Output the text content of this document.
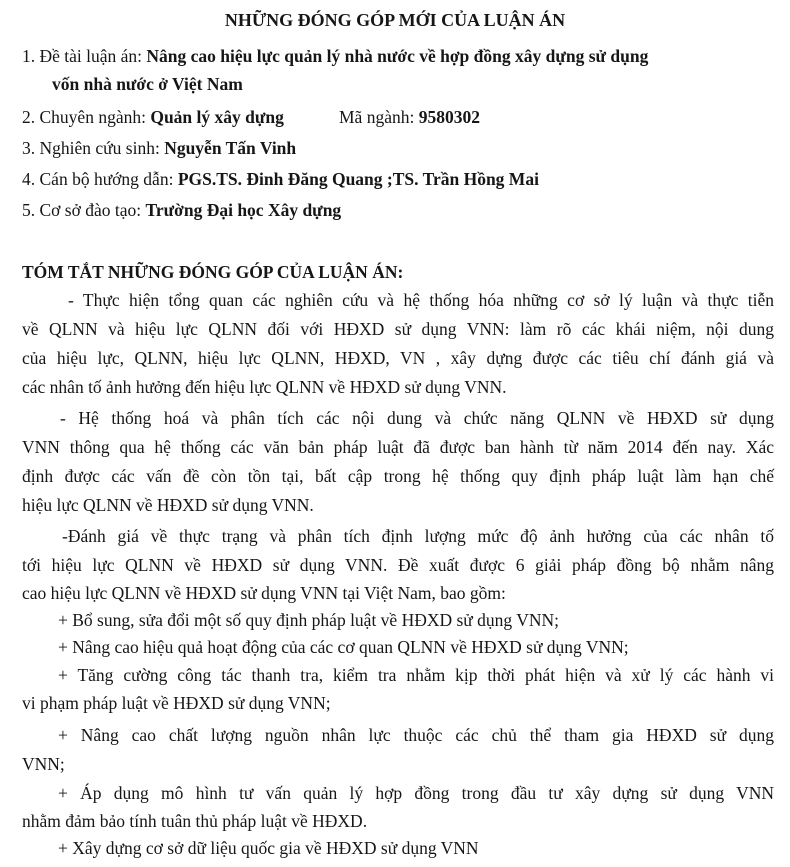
NHỮNG ĐÓNG GÓP MỚI CỦA LUẬN ÁN
1. Đề tài luận án: Nâng cao hiệu lực quản lý nhà nước về hợp đồng xây dựng sử dụng
vốn nhà nước ở Việt Nam
2. Chuyên ngành: Quản lý xây dựng	Mã ngành: 9580302
3. Nghiên cứu sinh: Nguyễn Tấn Vinh
4. Cán bộ hướng dẫn: PGS.TS. Đinh Đăng Quang ;TS. Trần Hồng Mai
5. Cơ sở đào tạo: Trường Đại học Xây dựng
TÓM TẮT NHỮNG ĐÓNG GÓP CỦA LUẬN ÁN:
- Thực hiện tổng quan các nghiên cứu và hệ thống hóa những cơ sở lý luận và thực tiễn
về QLNN và hiệu lực QLNN đối với HĐXD sử dụng VNN: làm rõ các khái niệm, nội dung
của hiệu lực, QLNN, hiệu lực QLNN, HĐXD, VN , xây dựng được các tiêu chí đánh giá và
các nhân tố ảnh hưởng đến hiệu lực QLNN về HĐXD sử dụng VNN.
- Hệ thống hoá và phân tích các nội dung và chức năng QLNN về HĐXD sử dụng
VNN thông qua hệ thống các văn bản pháp luật đã được ban hành từ năm 2014 đến nay. Xác
định được các vấn đề còn tồn tại, bất cập trong hệ thống quy định pháp luật làm hạn chế
hiệu lực QLNN về HĐXD sử dụng VNN.
-Đánh giá về thực trạng và phân tích định lượng mức độ ảnh hưởng của các nhân tố
tới hiệu lực QLNN về HĐXD sử dụng VNN. Đề xuất được 6 giải pháp đồng bộ nhằm nâng
cao hiệu lực QLNN về HĐXD sử dụng VNN tại Việt Nam, bao gồm:
+ Bổ sung, sửa đổi một số quy định pháp luật về HĐXD sử dụng VNN;
+ Nâng cao hiệu quả hoạt động của các cơ quan QLNN về HĐXD sử dụng VNN;
+ Tăng cường công tác thanh tra, kiểm tra nhằm kịp thời phát hiện và xử lý các hành vi
vi phạm pháp luật về HĐXD sử dụng VNN;
+ Nâng cao chất lượng nguồn nhân lực thuộc các chủ thể tham gia HĐXD sử dụng
VNN;
+ Áp dụng mô hình tư vấn quản lý hợp đồng trong đầu tư xây dựng sử dụng VNN
nhằm đảm bảo tính tuân thủ pháp luật về HĐXD.
+ Xây dựng cơ sở dữ liệu quốc gia về HĐXD sử dụng VNN
